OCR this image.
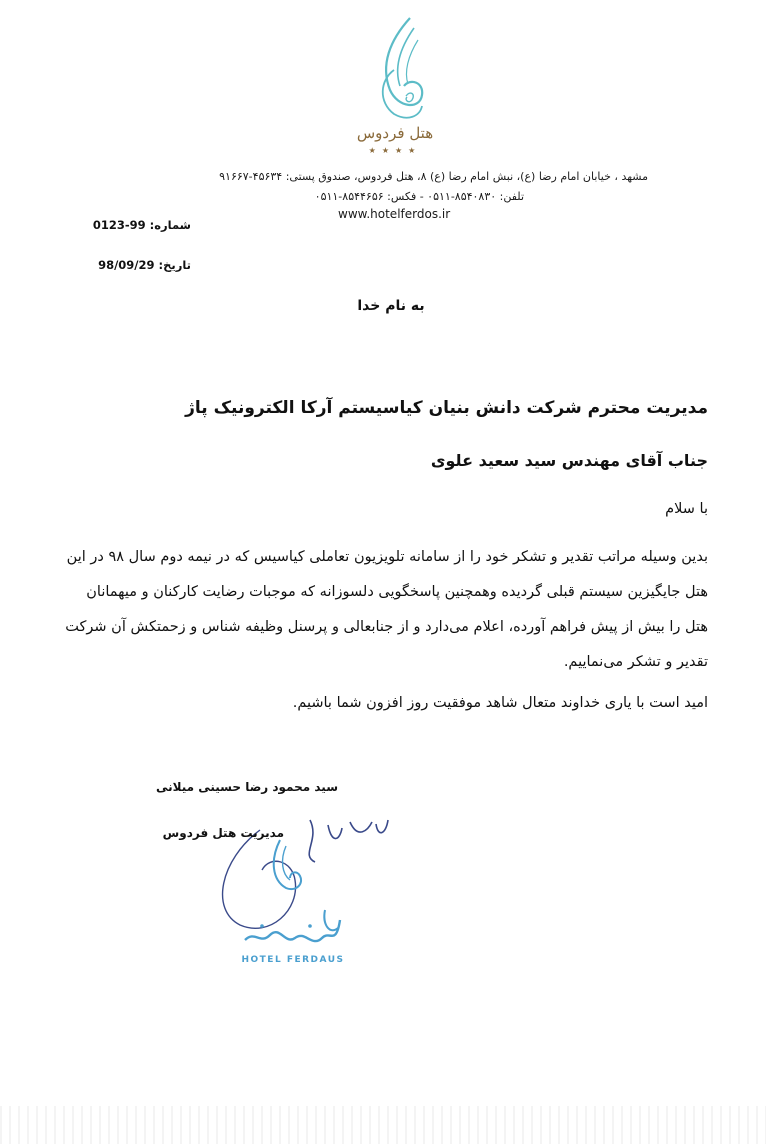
هتل فردوس
★★★★
مشهد ، خیابان امام رضا (ع)، نبش امام رضا (ع) ۸، هتل فردوس، صندوق پستی: ۴۵۶۳۴-۹۱۶۶۷
تلفن: ۸۵۴۰۸۳۰-۰۵۱۱ - فکس: ۸۵۴۴۶۵۶-۰۵۱۱
www.hotelferdos.ir
شماره: 0123-99
تاریخ: 98/09/29
به نام خدا
مدیریت محترم شرکت دانش بنیان کیاسیستم آرکا الکترونیک پاژ
جناب آقای مهندس سید سعید علوی
با سلام
بدین وسیله مراتب تقدیر و تشکر خود را از سامانه تلویزیون تعاملی کیاسیس که در نیمه دوم سال ۹۸ در این
هتل جایگیزین سیستم قبلی گردیده وهمچنین پاسخگویی دلسوزانه که موجبات رضایت کارکنان و میهمانان
هتل را بیش از پیش فراهم آورده، اعلام می‌دارد و از جنابعالی و پرسنل وظیفه شناس و زحمتکش آن شرکت
تقدیر و تشکر می‌نماییم.
امید است با یاری خداوند متعال شاهد موفقیت روز افزون شما باشیم.
HOTEL FERDAUS
سید محمود رضا حسینی میلانی
مدیریت هتل فردوس
